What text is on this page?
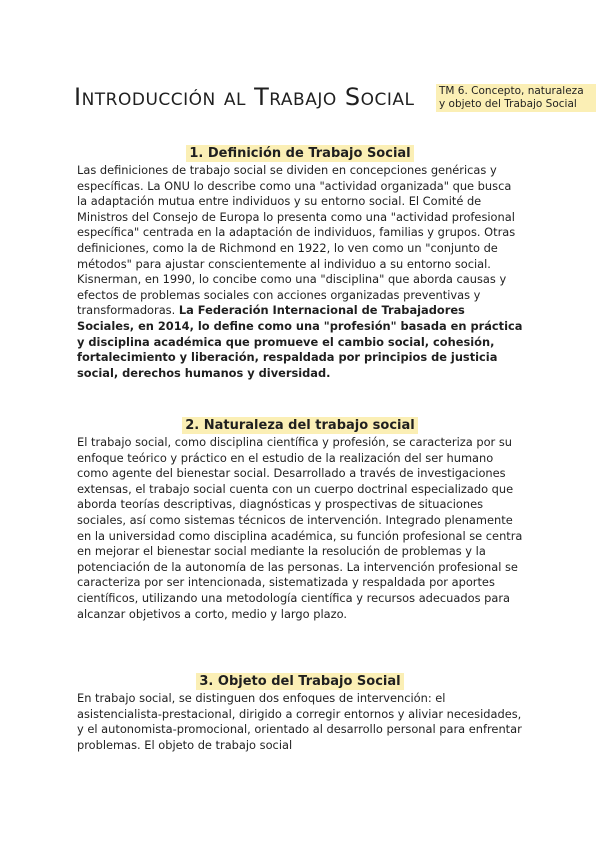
Introducción al Trabajo Social	TM 6. Concepto, naturaleza y objeto del Trabajo Social
1. Definición de Trabajo Social

Las definiciones de trabajo social se dividen en concepciones genéricas y específicas. La ONU lo describe como una "actividad organizada" que busca la adaptación mutua entre individuos y su entorno social. El Comité de Ministros del Consejo de Europa lo presenta como una "actividad profesional específica" centrada en la adaptación de individuos, familias y grupos. Otras definiciones, como la de Richmond en 1922, lo ven como un "conjunto de métodos" para ajustar conscientemente al individuo a su entorno social. Kisnerman, en 1990, lo concibe como una "disciplina" que aborda causas y efectos de problemas sociales con acciones organizadas preventivas y transformadoras. La Federación Internacional de Trabajadores Sociales, en 2014, lo define como una "profesión" basada en práctica y disciplina académica que promueve el cambio social, cohesión, fortalecimiento y liberación, respaldada por principios de justicia social, derechos humanos y diversidad.

2. Naturaleza del trabajo social

El trabajo social, como disciplina científica y profesión, se caracteriza por su enfoque teórico y práctico en el estudio de la realización del ser humano como agente del bienestar social. Desarrollado a través de investigaciones extensas, el trabajo social cuenta con un cuerpo doctrinal especializado que aborda teorías descriptivas, diagnósticas y prospectivas de situaciones sociales, así como sistemas técnicos de intervención. Integrado plenamente en la universidad como disciplina académica, su función profesional se centra en mejorar el bienestar social mediante la resolución de problemas y la potenciación de la autonomía de las personas. La intervención profesional se caracteriza por ser intencionada, sistematizada y respaldada por aportes científicos, utilizando una metodología científica y recursos adecuados para alcanzar objetivos a corto, medio y largo plazo.

3. Objeto del Trabajo Social

En trabajo social, se distinguen dos enfoques de intervención: el asistencialista-prestacional, dirigido a corregir entornos y aliviar necesidades, y el autonomista-promocional, orientado al desarrollo personal para enfrentar problemas. El objeto de trabajo social
